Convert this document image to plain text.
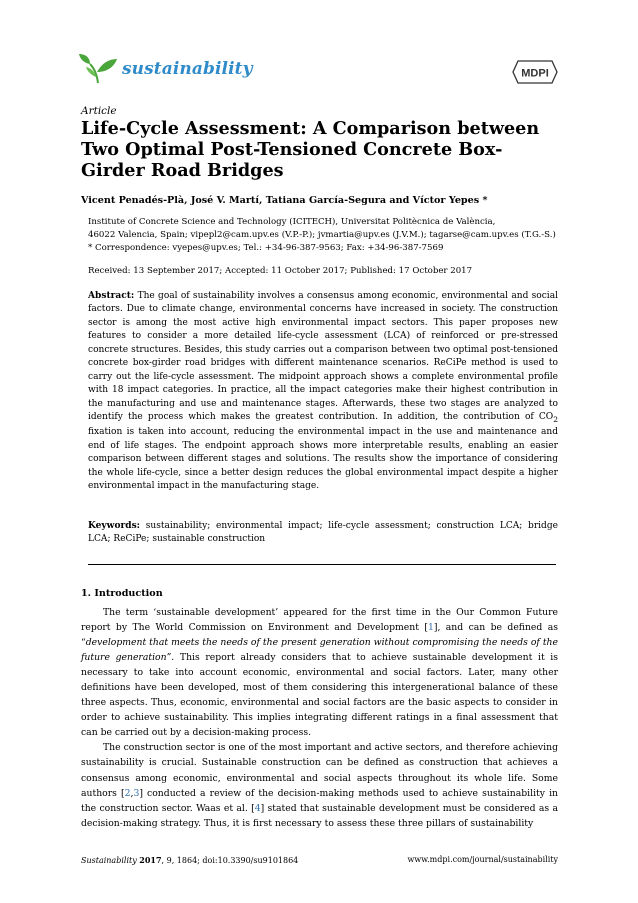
sustainability	MDPI
Article
Life-Cycle Assessment: A Comparison between Two Optimal Post-Tensioned Concrete Box-Girder Road Bridges
Vicent Penadés-Plà, José V. Martí, Tatiana García-Segura and Víctor Yepes *
Institute of Concrete Science and Technology (ICITECH), Universitat Politècnica de València,
46022 Valencia, Spain; vipepl2@cam.upv.es (V.P.-P.); jvmartia@upv.es (J.V.M.); tagarse@cam.upv.es (T.G.-S.)
* Correspondence: vyepes@upv.es; Tel.: +34-96-387-9563; Fax: +34-96-387-7569
Received: 13 September 2017; Accepted: 11 October 2017; Published: 17 October 2017
Abstract: The goal of sustainability involves a consensus among economic, environmental and social factors. Due to climate change, environmental concerns have increased in society. The construction sector is among the most active high environmental impact sectors. This paper proposes new features to consider a more detailed life-cycle assessment (LCA) of reinforced or pre-stressed concrete structures. Besides, this study carries out a comparison between two optimal post-tensioned concrete box-girder road bridges with different maintenance scenarios. ReCiPe method is used to carry out the life-cycle assessment. The midpoint approach shows a complete environmental profile with 18 impact categories. In practice, all the impact categories make their highest contribution in the manufacturing and use and maintenance stages. Afterwards, these two stages are analyzed to identify the process which makes the greatest contribution. In addition, the contribution of $CO_2$ fixation is taken into account, reducing the environmental impact in the use and maintenance and end of life stages. The endpoint approach shows more interpretable results, enabling an easier comparison between different stages and solutions. The results show the importance of considering the whole life-cycle, since a better design reduces the global environmental impact despite a higher environmental impact in the manufacturing stage.
Keywords: sustainability; environmental impact; life-cycle assessment; construction LCA; bridge LCA; ReCiPe; sustainable construction
1. Introduction

The term ‘sustainable development’ appeared for the first time in the Our Common Future report by The World Commission on Environment and Development [1], and can be defined as “development that meets the needs of the present generation without compromising the needs of the future generation”. This report already considers that to achieve sustainable development it is necessary to take into account economic, environmental and social factors. Later, many other definitions have been developed, most of them considering this intergenerational balance of these three aspects. Thus, economic, environmental and social factors are the basic aspects to consider in order to achieve sustainability. This implies integrating different ratings in a final assessment that can be carried out by a decision-making process.

The construction sector is one of the most important and active sectors, and therefore achieving sustainability is crucial. Sustainable construction can be defined as construction that achieves a consensus among economic, environmental and social aspects throughout its whole life. Some authors [2,3] conducted a review of the decision-making methods used to achieve sustainability in the construction sector. Waas et al. [4] stated that sustainable development must be considered as a decision-making strategy. Thus, it is first necessary to assess these three pillars of sustainability

Sustainability 2017, 9, 1864; doi:10.3390/su9101864	www.mdpi.com/journal/sustainability
